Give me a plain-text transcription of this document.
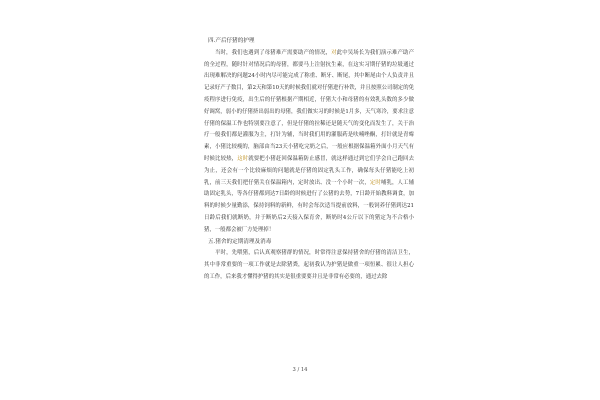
四.产后仔猪的护理

当时，我们也遇到了母猪难产需要助产的情况，对此中吴场长为我们演示难产助产的全过程，随时针对情况后的母猪，都要马上注射抗生素，在这实习期仔猪的垃圾通过出现难解决的问题24小时内尽可能完成了称重、断牙、断尾，其中断尾由个人负责并且记录好产子数目，第2天和第10天的时候我们就对仔猪进行补铁，并且按照公司制定的免疫程序进行免疫，出生后的仔猪根据产期相近，仔猪大小和母猪的有效乳头数的多少做好调窝，弱小的仔猪挤出弱出的母猪，我们做实习的时候是1月多，天气寒冷，要求注意仔猪的保温工作也特别要注意了，但是仔猪的拉稀还是随天气的变化而发生了，关于治疗一般我们都是灌服为主，打针为辅，当时我们用的灌服药是呋喃唑酮，打针就是青霉素，小猪比较瘦的，脑部由当23天小猪吃完奶之后，一般应根据保温箱外面小月天气有时候比较热，这时就要把小猪赶回保温箱防止感冒，就这样通过到它们学会自己跑回去为止，还会有一个比较麻烦的问题就是仔猪的固定乳头工作，确保每头仔猪能吃上初乳，前三天我们把仔猪关在保温箱内，定时放出、没一个小时一次，定时哺乳，人工辅助固定乳头，等各仔猪都到达7日龄的时候进行了公猪的去势，7日龄开始教料调食，加料的时候少量勤添，保持饲料的新鲜，有时会每次适当提前放料，一般饲养仔猪到达21日龄后我们就断奶，并于断奶后2天接入保育舍，断奶时4公斤以下的猪定为不合格小猪，一般都会被厂方处理掉！

五.猪舍的定期清理及消毒

平时，先喂猪，后认真观察猪群的情况，时常得注意保持猪舍的仔猪的清洁卫生，其中非常重要的一项工作就是去除猪粪，起初我认为护猪是做重一项恒累、很让人担心的工作，后来我才懂得护猪的其实是很重要要并且是非常有必要的，通过去除

3 / 14
